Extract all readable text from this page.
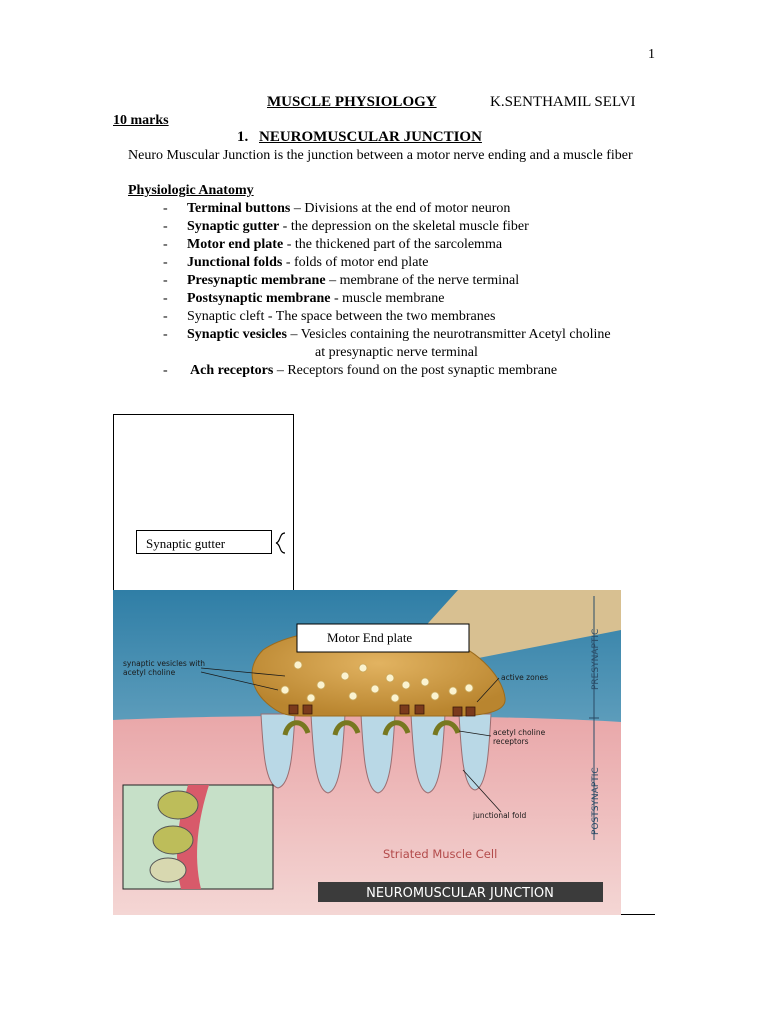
1
MUSCLE PHYSIOLOGY	K.SENTHAMIL SELVI
10 marks
1. NEUROMUSCULAR JUNCTION
Neuro Muscular Junction is the junction between a motor nerve ending and a muscle fiber
Physiologic Anatomy
- Terminal buttons – Divisions at the end of motor neuron
- Synaptic gutter - the depression on the skeletal muscle fiber
- Motor end plate - the thickened part of the sarcolemma
- Junctional folds - folds of motor end plate
- Presynaptic membrane – membrane of the nerve terminal
- Postsynaptic membrane - muscle membrane
- Synaptic cleft - The space between the two membranes
- Synaptic vesicles – Vesicles containing the neurotransmitter Acetyl choline
at presynaptic nerve terminal
- Ach receptors – Receptors found on the post synaptic membrane
synaptic vesicles with
acetyl choline
active zones
acetyl choline
receptors
junctional fold
Striated Muscle Cell
PRESYNAPTIC
POSTSYNAPTIC
NEUROMUSCULAR JUNCTION
Motor End plate
Synaptic gutter
